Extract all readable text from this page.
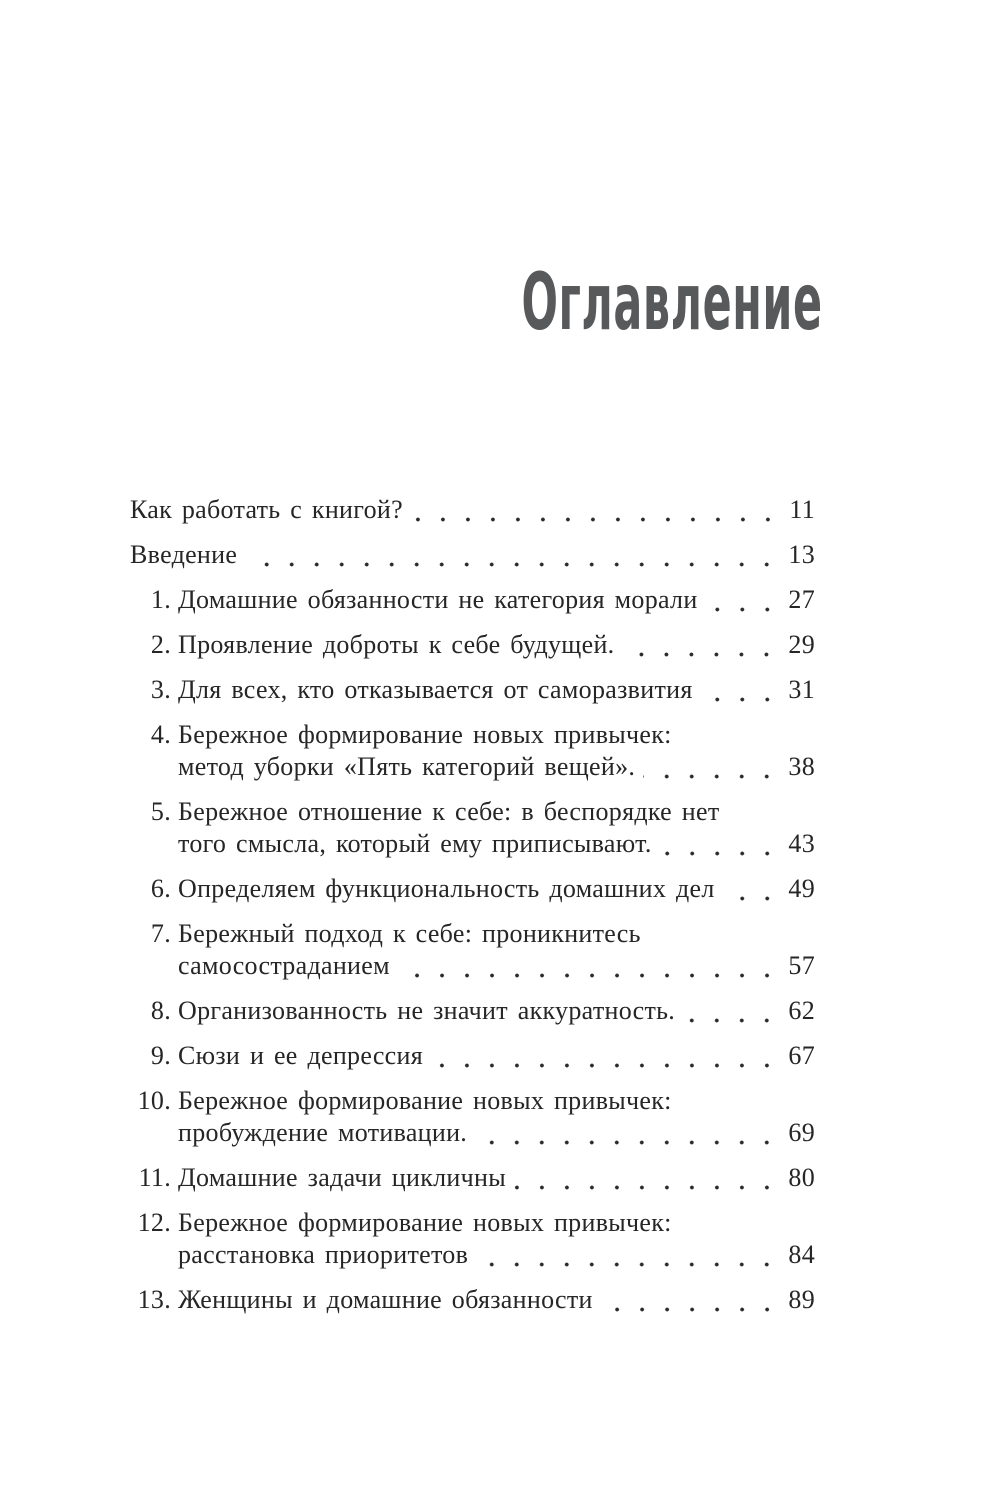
Оглавление
Как работать с книгой?	11
Введение	13
1. Домашние обязанности не категория морали	27
2. Проявление доброты к себе будущей.	29
3. Для всех, кто отказывается от саморазвития	31
4. Бережное формирование новых привычек:
метод уборки «Пять категорий вещей».	38
5. Бережное отношение к себе: в беспорядке нет
того смысла, который ему приписывают.	43
6. Определяем функциональность домашних дел	49
7. Бережный подход к себе: проникнитесь
самосостраданием	57
8. Организованность не значит аккуратность.	62
9. Сюзи и ее депрессия	67
10. Бережное формирование новых привычек:
пробуждение мотивации.	69
11. Домашние задачи цикличны	80
12. Бережное формирование новых привычек:
расстановка приоритетов	84
13. Женщины и домашние обязанности	89
